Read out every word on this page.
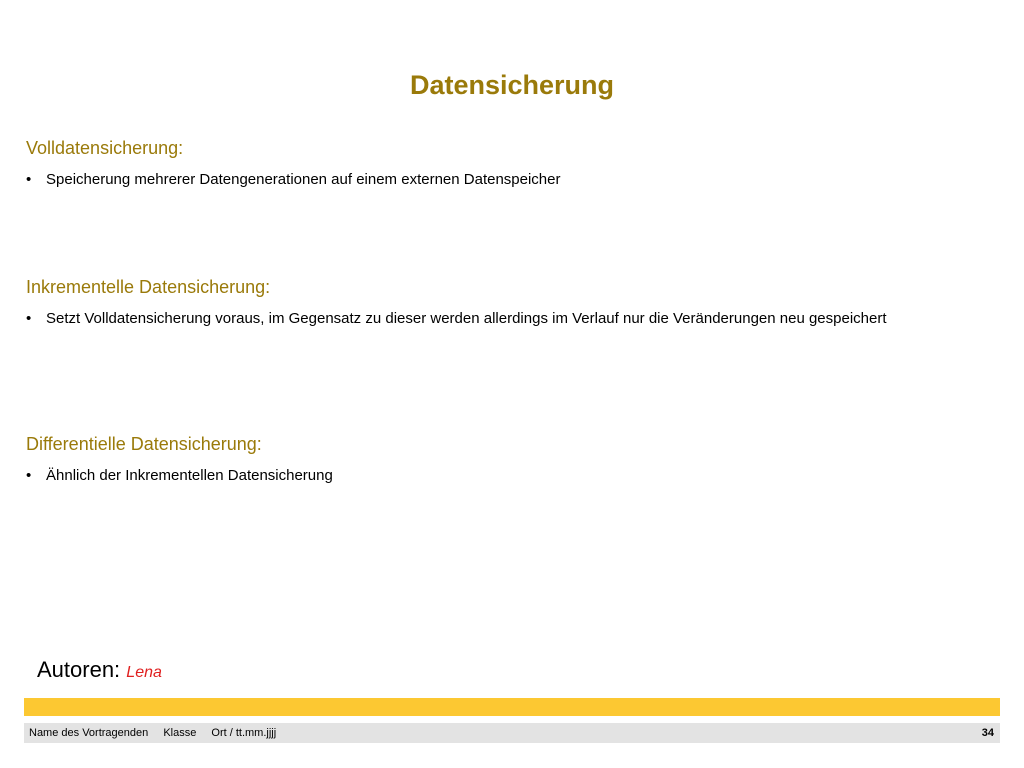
Datensicherung
Volldatensicherung:
• Speicherung mehrerer Datengenerationen auf einem externen Datenspeicher
Inkrementelle Datensicherung:
• Setzt Volldatensicherung voraus, im Gegensatz zu dieser werden allerdings im Verlauf nur die Veränderungen neu gespeichert
Differentielle Datensicherung:
• Ähnlich der Inkrementellen Datensicherung
Autoren: Lena
Name des Vortragenden Klasse Ort / tt.mm.jjjj	34
